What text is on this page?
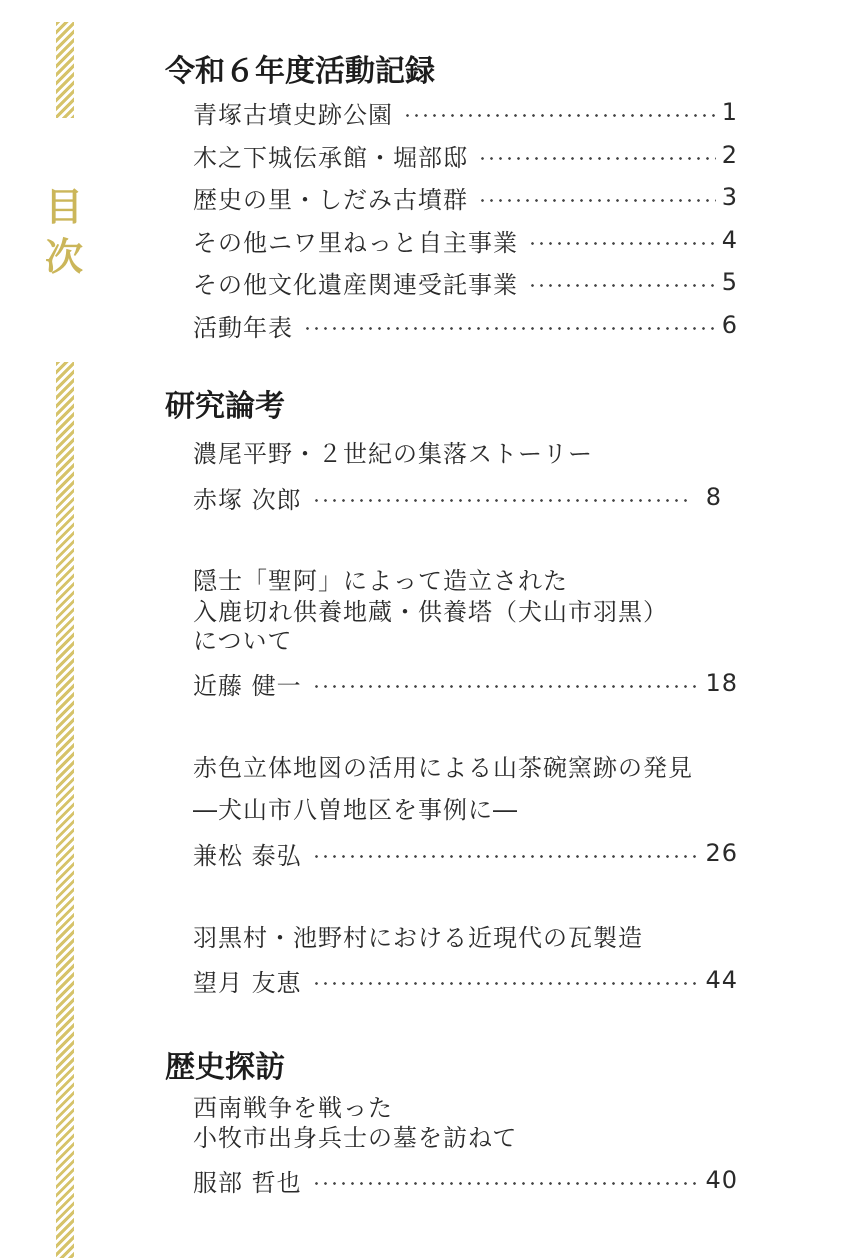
目
次
令和６年度活動記録
青塚古墳史跡公園	1
木之下城伝承館・堀部邸	2
歴史の里・しだみ古墳群	3
その他ニワ里ねっと自主事業	4
その他文化遺産関連受託事業	5
活動年表	6
研究論考
濃尾平野・２世紀の集落ストーリー
赤塚 次郎	8
隠士「聖阿」によって造立された
入鹿切れ供養地蔵・供養塔（犬山市羽黒）
について
近藤 健一	18
赤色立体地図の活用による山茶碗窯跡の発見
―犬山市八曽地区を事例に―
兼松 泰弘	26
羽黒村・池野村における近現代の瓦製造
望月 友恵	44
歴史探訪
西南戦争を戦った
小牧市出身兵士の墓を訪ねて
服部 哲也	40
